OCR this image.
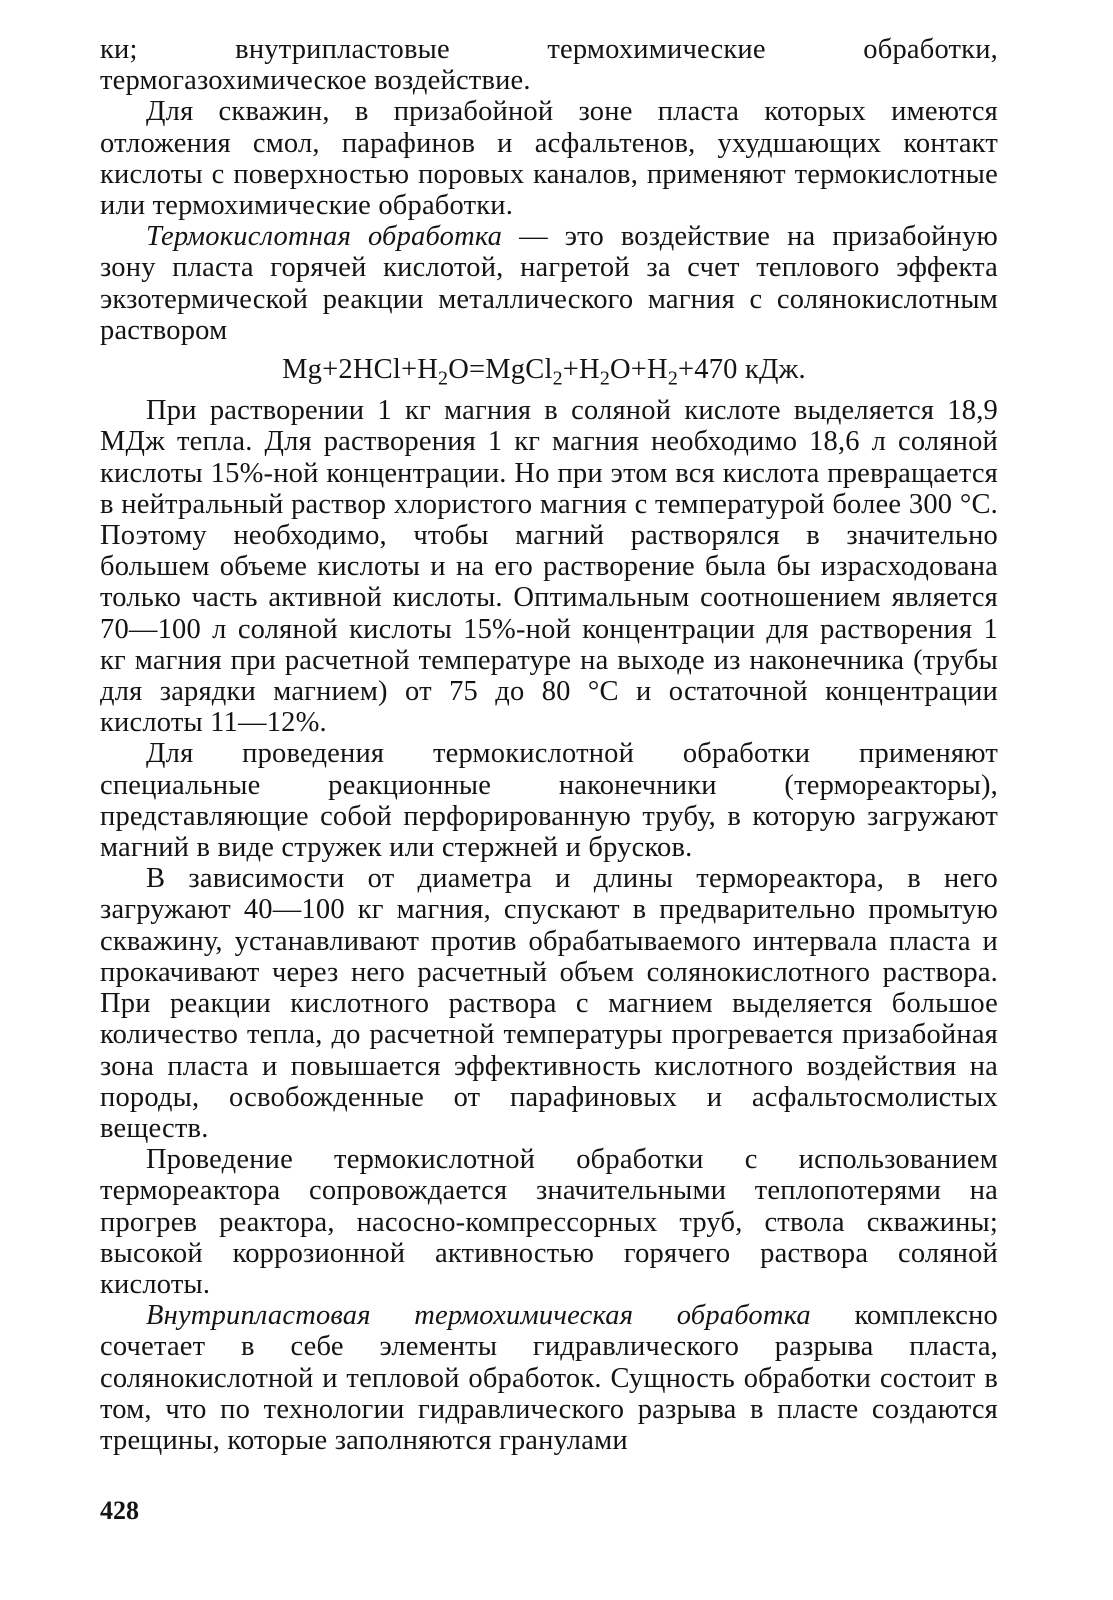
ки; внутрипластовые термохимические обработки, термогазохимическое воздействие.

Для скважин, в призабойной зоне пласта которых имеются отложения смол, парафинов и асфальтенов, ухудшающих контакт кислоты с поверхностью поровых каналов, применяют термокислотные или термохимические обработки.

Термокислотная обработка — это воздействие на призабойную зону пласта горячей кислотой, нагретой за счет теплового эффекта экзотермической реакции металлического магния с солянокислотным раствором

$Mg+2HCl+H_2O=MgCl_2+H_2O+H_2+470$ кДж.

При растворении 1 кг магния в соляной кислоте выделяется 18,9 МДж тепла. Для растворения 1 кг магния необходимо 18,6 л соляной кислоты 15%-ной концентрации. Но при этом вся кислота превращается в нейтральный раствор хлористого магния с температурой более 300 °С. Поэтому необходимо, чтобы магний растворялся в значительно большем объеме кислоты и на его растворение была бы израсходована только часть активной кислоты. Оптимальным соотношением является 70—100 л соляной кислоты 15%-ной концентрации для растворения 1 кг магния при расчетной температуре на выходе из наконечника (трубы для зарядки магнием) от 75 до 80 °С и остаточной концентрации кислоты 11—12%.

Для проведения термокислотной обработки применяют специальные реакционные наконечники (термореакторы), представляющие собой перфорированную трубу, в которую загружают магний в виде стружек или стержней и брусков.

В зависимости от диаметра и длины термореактора, в него загружают 40—100 кг магния, спускают в предварительно промытую скважину, устанавливают против обрабатываемого интервала пласта и прокачивают через него расчетный объем солянокислотного раствора. При реакции кислотного раствора с магнием выделяется большое количество тепла, до расчетной температуры прогревается призабойная зона пласта и повышается эффективность кислотного воздействия на породы, освобожденные от парафиновых и асфальтосмолистых веществ.

Проведение термокислотной обработки с использованием термореактора сопровождается значительными теплопотерями на прогрев реактора, насосно-компрессорных труб, ствола скважины; высокой коррозионной активностью горячего раствора соляной кислоты.

Внутрипластовая термохимическая обработка комплексно сочетает в себе элементы гидравлического разрыва пласта, солянокислотной и тепловой обработок. Сущность обработки состоит в том, что по технологии гидравлического разрыва в пласте создаются трещины, которые заполняются гранулами

428
